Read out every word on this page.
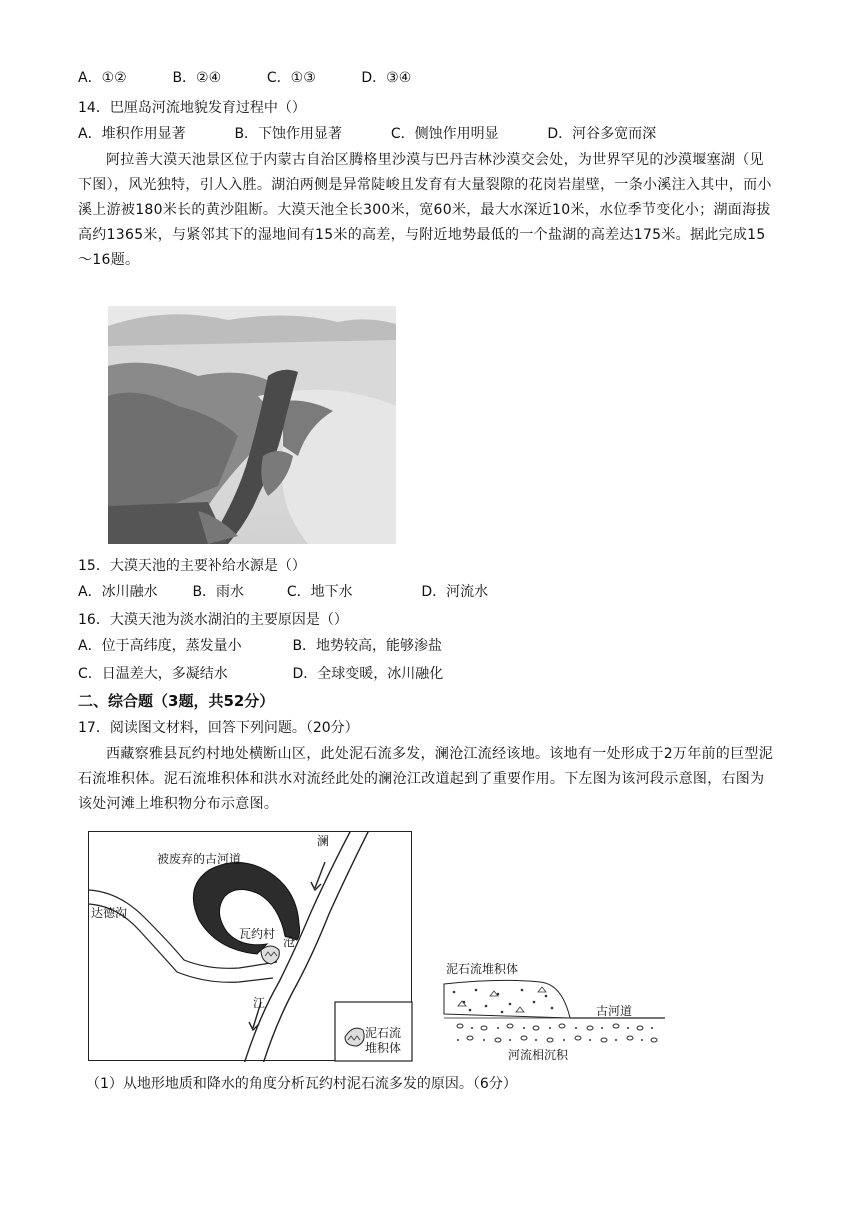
A．①②	B．②④	C．①③	D．③④
14．巴厘岛河流地貌发育过程中（）
A．堆积作用显著	B．下蚀作用显著	C．侧蚀作用明显	D．河谷多宽而深
阿拉善大漠天池景区位于内蒙古自治区腾格里沙漠与巴丹吉林沙漠交会处，为世界罕见的沙漠堰塞湖（见下图），风光独特，引人入胜。湖泊两侧是异常陡峻且发育有大量裂隙的花岗岩崖壁，一条小溪注入其中，而小溪上游被180米长的黄沙阻断。大漠天池全长300米，宽60米，最大水深近10米，水位季节变化小；湖面海拔高约1365米，与紧邻其下的湿地间有15米的高差，与附近地势最低的一个盐湖的高差达175米。据此完成15～16题。
15．大漠天池的主要补给水源是（）
A．冰川融水 B．雨水	C．地下水	D．河流水
16．大漠天池为淡水湖泊的主要原因是（）
A．位于高纬度，蒸发量小	B．地势较高，能够渗盐
C．日温差大，多凝结水	D．全球变暖，冰川融化
二、综合题（3题，共52分）
17．阅读图文材料，回答下列问题。（20分）
西藏察雅县瓦约村地处横断山区，此处泥石流多发，澜沧江流经该地。该地有一处形成于2万年前的巨型泥石流堆积体。泥石流堆积体和洪水对流经此处的澜沧江改道起到了重要作用。下左图为该河段示意图，右图为该处河滩上堆积物分布示意图。
被废弃的古河道
达德沟
瓦约村
澜
沧
江
泥石流
堆积体
泥石流堆积体
古河道
河流相沉积
（1）从地形地质和降水的角度分析瓦约村泥石流多发的原因。（6分）
